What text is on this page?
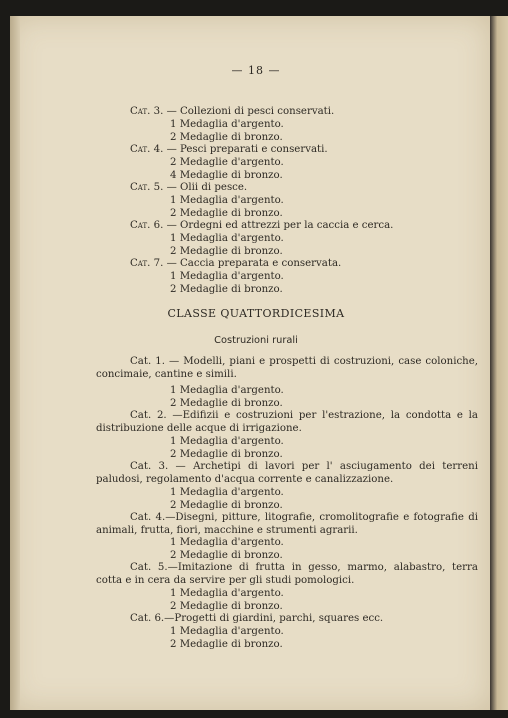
— 18 —
Cat. 3. — Collezioni di pesci conservati.
1 Medaglia d'argento.
2 Medaglie di bronzo.
Cat. 4. — Pesci preparati e conservati.
2 Medaglie d'argento.
4 Medaglie di bronzo.
Cat. 5. — Olii di pesce.
1 Medaglia d'argento.
2 Medaglie di bronzo.
Cat. 6. — Ordegni ed attrezzi per la caccia e cerca.
1 Medaglia d'argento.
2 Medaglie di bronzo.
Cat. 7. — Caccia preparata e conservata.
1 Medaglia d'argento.
2 Medaglie di bronzo.
CLASSE QUATTORDICESIMA
Costruzioni rurali
Cat. 1. — Modelli, piani e prospetti di costruzioni, case coloniche, concimaie, cantine e simili.
1 Medaglia d'argento.
2 Medaglie di bronzo.
Cat. 2. —Edifizii e costruzioni per l'estrazione, la condotta e la distribuzione delle acque di irrigazione.
1 Medaglia d'argento.
2 Medaglie di bronzo.
Cat. 3. — Archetipi di lavori per l' asciugamento dei terreni paludosi, regolamento d'acqua corrente e canalizzazione.
1 Medaglia d'argento.
2 Medaglie di bronzo.
Cat. 4.—Disegni, pitture, litografie, cromolitografie e fotografie di animali, frutta, fiori, macchine e strumenti agrarii.
1 Medaglia d'argento.
2 Medaglie di bronzo.
Cat. 5.—Imitazione di frutta in gesso, marmo, alabastro, terra cotta e in cera da servire per gli studi pomologici.
1 Medaglia d'argento.
2 Medaglie di bronzo.
Cat. 6.—Progetti di giardini, parchi, squares ecc.
1 Medaglia d'argento.
2 Medaglie di bronzo.
